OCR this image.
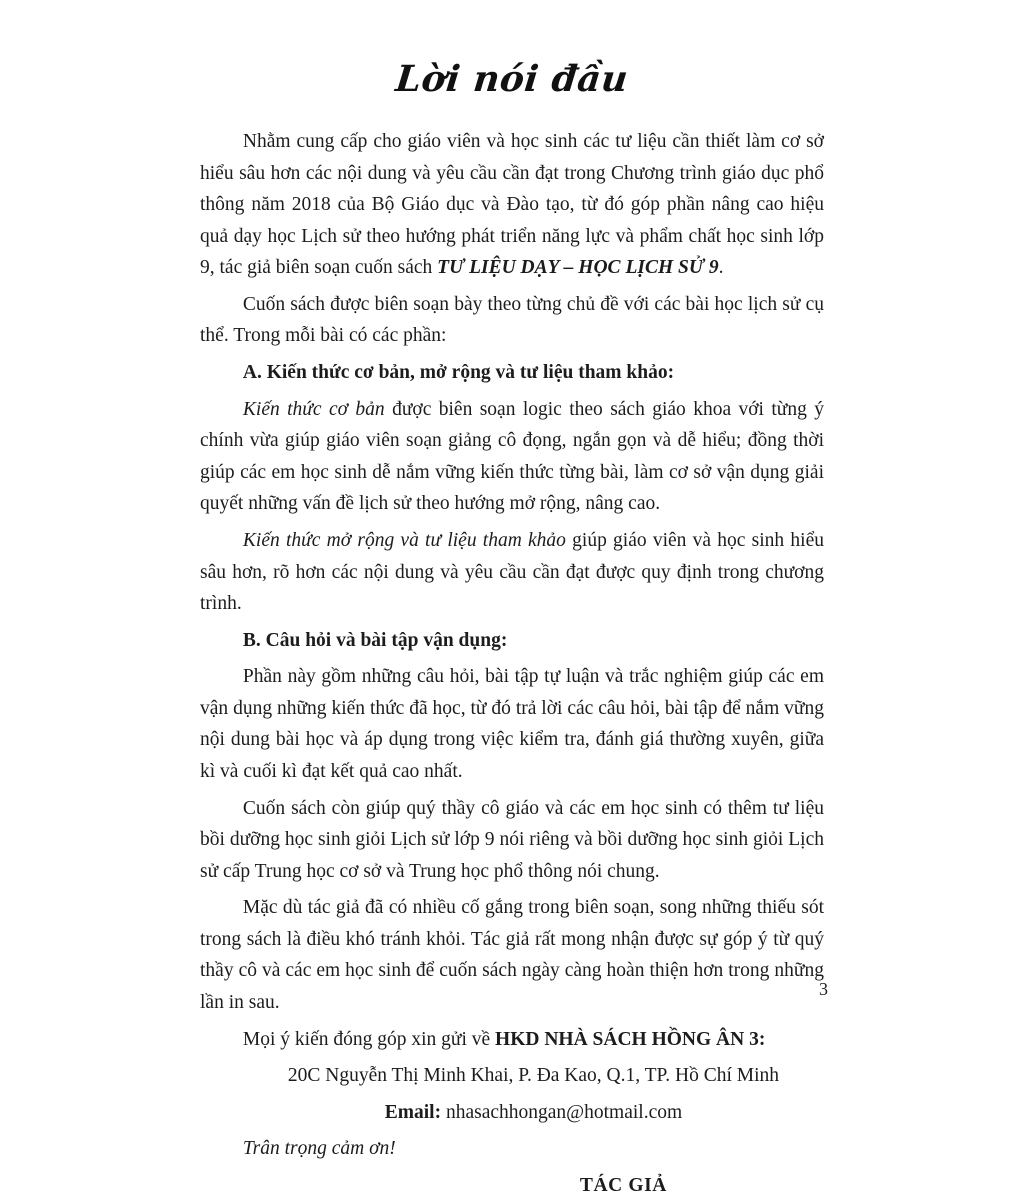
Lời nói đầu

Nhằm cung cấp cho giáo viên và học sinh các tư liệu cần thiết làm cơ sở hiểu sâu hơn các nội dung và yêu cầu cần đạt trong Chương trình giáo dục phổ thông năm 2018 của Bộ Giáo dục và Đào tạo, từ đó góp phần nâng cao hiệu quả dạy học Lịch sử theo hướng phát triển năng lực và phẩm chất học sinh lớp 9, tác giả biên soạn cuốn sách TƯ LIỆU DẠY – HỌC LỊCH SỬ 9.

Cuốn sách được biên soạn bày theo từng chủ đề với các bài học lịch sử cụ thể. Trong mỗi bài có các phần:

A. Kiến thức cơ bản, mở rộng và tư liệu tham khảo:

Kiến thức cơ bản được biên soạn logic theo sách giáo khoa với từng ý chính vừa giúp giáo viên soạn giảng cô đọng, ngắn gọn và dễ hiểu; đồng thời giúp các em học sinh dễ nắm vững kiến thức từng bài, làm cơ sở vận dụng giải quyết những vấn đề lịch sử theo hướng mở rộng, nâng cao.

Kiến thức mở rộng và tư liệu tham khảo giúp giáo viên và học sinh hiểu sâu hơn, rõ hơn các nội dung và yêu cầu cần đạt được quy định trong chương trình.

B. Câu hỏi và bài tập vận dụng:

Phần này gồm những câu hỏi, bài tập tự luận và trắc nghiệm giúp các em vận dụng những kiến thức đã học, từ đó trả lời các câu hỏi, bài tập để nắm vững nội dung bài học và áp dụng trong việc kiểm tra, đánh giá thường xuyên, giữa kì và cuối kì đạt kết quả cao nhất.

Cuốn sách còn giúp quý thầy cô giáo và các em học sinh có thêm tư liệu bồi dưỡng học sinh giỏi Lịch sử lớp 9 nói riêng và bồi dưỡng học sinh giỏi Lịch sử cấp Trung học cơ sở và Trung học phổ thông nói chung.

Mặc dù tác giả đã có nhiều cố gắng trong biên soạn, song những thiếu sót trong sách là điều khó tránh khỏi. Tác giả rất mong nhận được sự góp ý từ quý thầy cô và các em học sinh để cuốn sách ngày càng hoàn thiện hơn trong những lần in sau.

Mọi ý kiến đóng góp xin gửi về HKD NHÀ SÁCH HỒNG ÂN 3:

20C Nguyễn Thị Minh Khai, P. Đa Kao, Q.1, TP. Hồ Chí Minh

Email: nhasachhongan@hotmail.com

Trân trọng cảm ơn!

TÁC GIẢ

3
